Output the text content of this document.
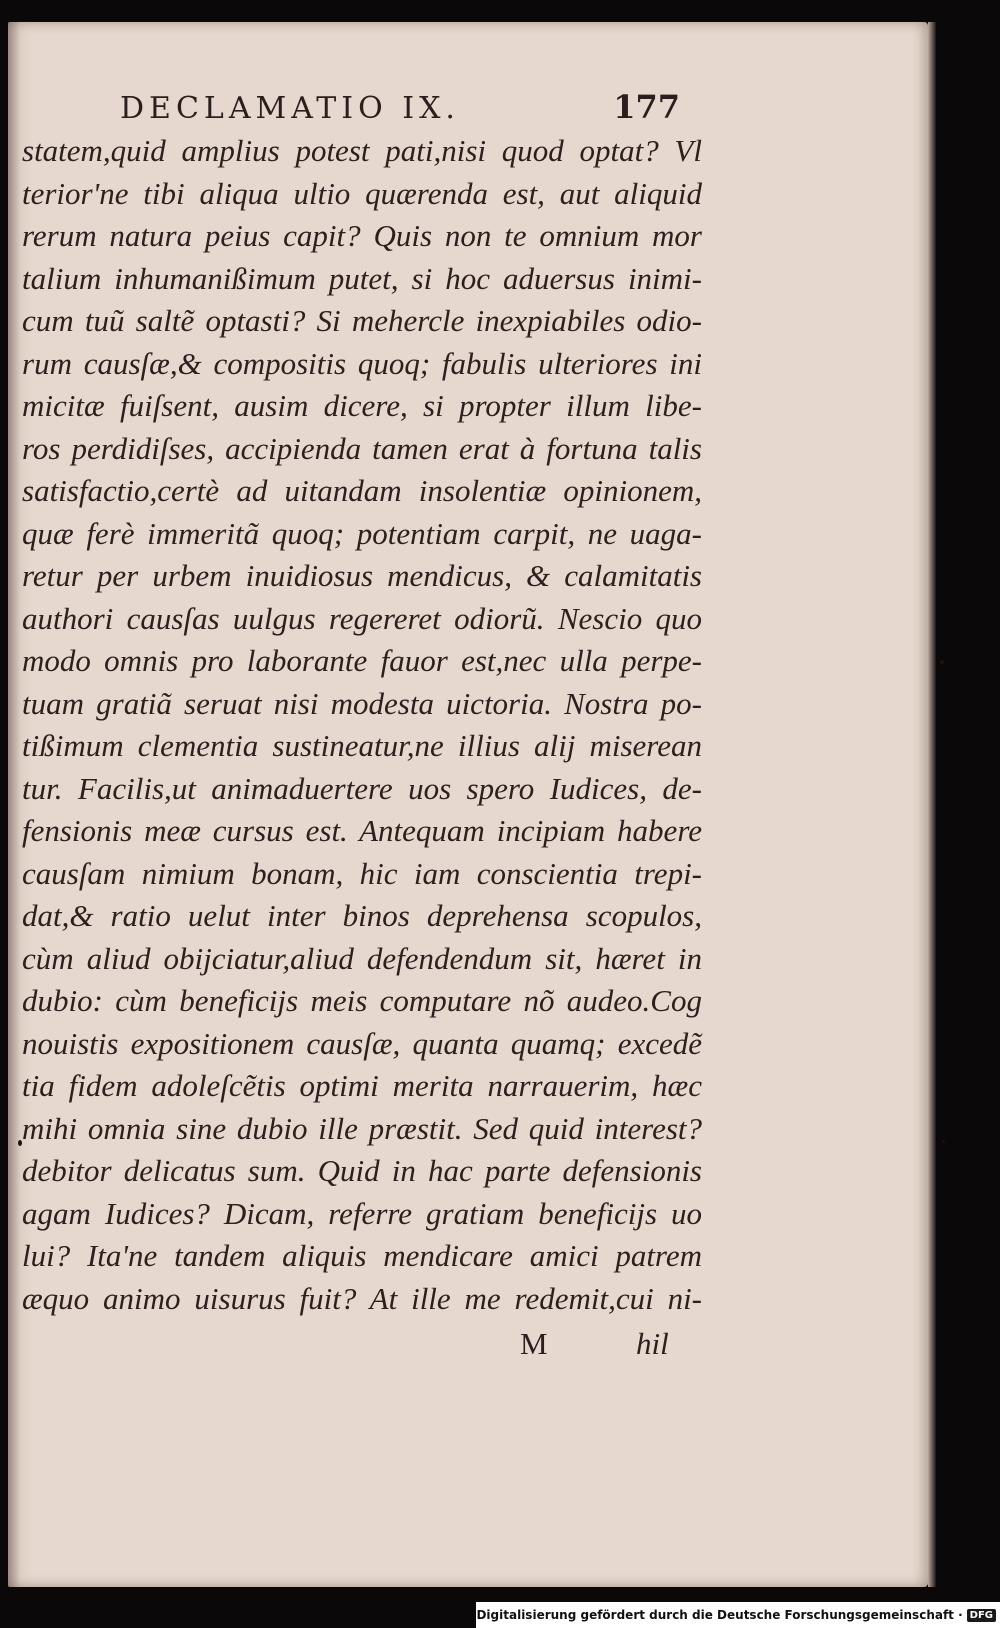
DECLAMATIO IX.	177
statem,quid amplius potest pati,nisi quod optat? Vl
terior'ne tibi aliqua ultio quærenda est, aut aliquid
rerum natura peius capit? Quis non te omnium mor
talium inhumanißimum putet, si hoc aduersus inimi-
cum tuũ saltẽ optasti? Si mehercle inexpiabiles odio-
rum causſæ,& compositis quoq; fabulis ulteriores ini
micitæ fuiſsent, ausim dicere, si propter illum libe-
ros perdidiſses, accipienda tamen erat à fortuna talis
satisfactio,certè ad uitandam insolentiæ opinionem,
quæ ferè immeritã quoq; potentiam carpit, ne uaga-
retur per urbem inuidiosus mendicus, & calamitatis
authori causſas uulgus regereret odiorũ. Nescio quo
modo omnis pro laborante fauor est,nec ulla perpe-
tuam gratiã seruat nisi modesta uictoria. Nostra po-
tißimum clementia sustineatur,ne illius alij miserean
tur. Facilis,ut animaduertere uos spero Iudices, de-
fensionis meæ cursus est. Antequam incipiam habere
causſam nimium bonam, hic iam conscientia trepi-
dat,& ratio uelut inter binos deprehensa scopulos,
cùm aliud obijciatur,aliud defendendum sit, hæret in
dubio: cùm beneficijs meis computare nõ audeo.Cog
nouistis expositionem causſæ, quanta quamq; excedẽ
tia fidem adoleſcẽtis optimi merita narrauerim, hæc
mihi omnia sine dubio ille præstit. Sed quid interest?
debitor delicatus sum. Quid in hac parte defensionis
agam Iudices? Dicam, referre gratiam beneficijs uo
lui? Ita'ne tandem aliquis mendicare amici patrem
æquo animo uisurus fuit? At ille me redemit,cui ni-
M	hil
Digitalisierung gefördert durch die Deutsche Forschungsgemeinschaft · DFG
